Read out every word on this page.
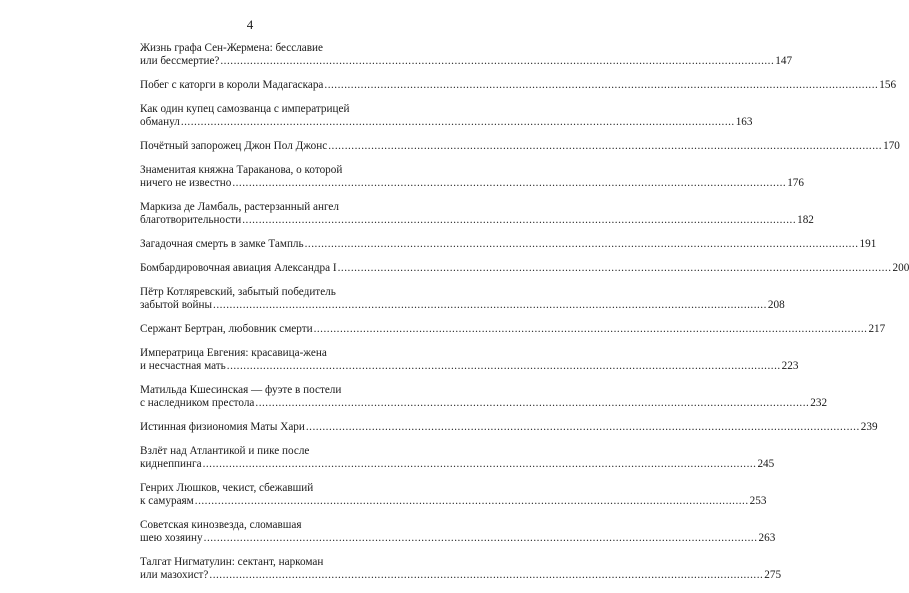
4
Жизнь графа Сен-Жермена: бесславие
или бессмертие? .....	147
Побег с каторги в короли Мадагаскара .....	156
Как один купец самозванца с императрицей
обманул .....	163
Почётный запорожец Джон Пол Джонс .....	170
Знаменитая княжна Тараканова, о которой
ничего не известно .....	176
Маркиза де Ламбаль, растерзанный ангел
благотворительности .....	182
Загадочная смерть в замке Тампль .....	191
Бомбардировочная авиация Александра I .....	200
Пётр Котляревский, забытый победитель
забытой войны .....	208
Сержант Бертран, любовник смерти .....	217
Императрица Евгения: красавица-жена
и несчастная мать .....	223
Матильда Кшесинская — фуэте в постели
с наследником престола .....	232
Истинная физиономия Маты Хари .....	239
Взлёт над Атлантикой и пике после
киднеппинга .....	245
Генрих Люшков, чекист, сбежавший
к самураям .....	253
Советская кинозвезда, сломавшая
шею хозяину .....	263
Талгат Нигматулин: сектант, наркоман
или мазохист? .....	275
